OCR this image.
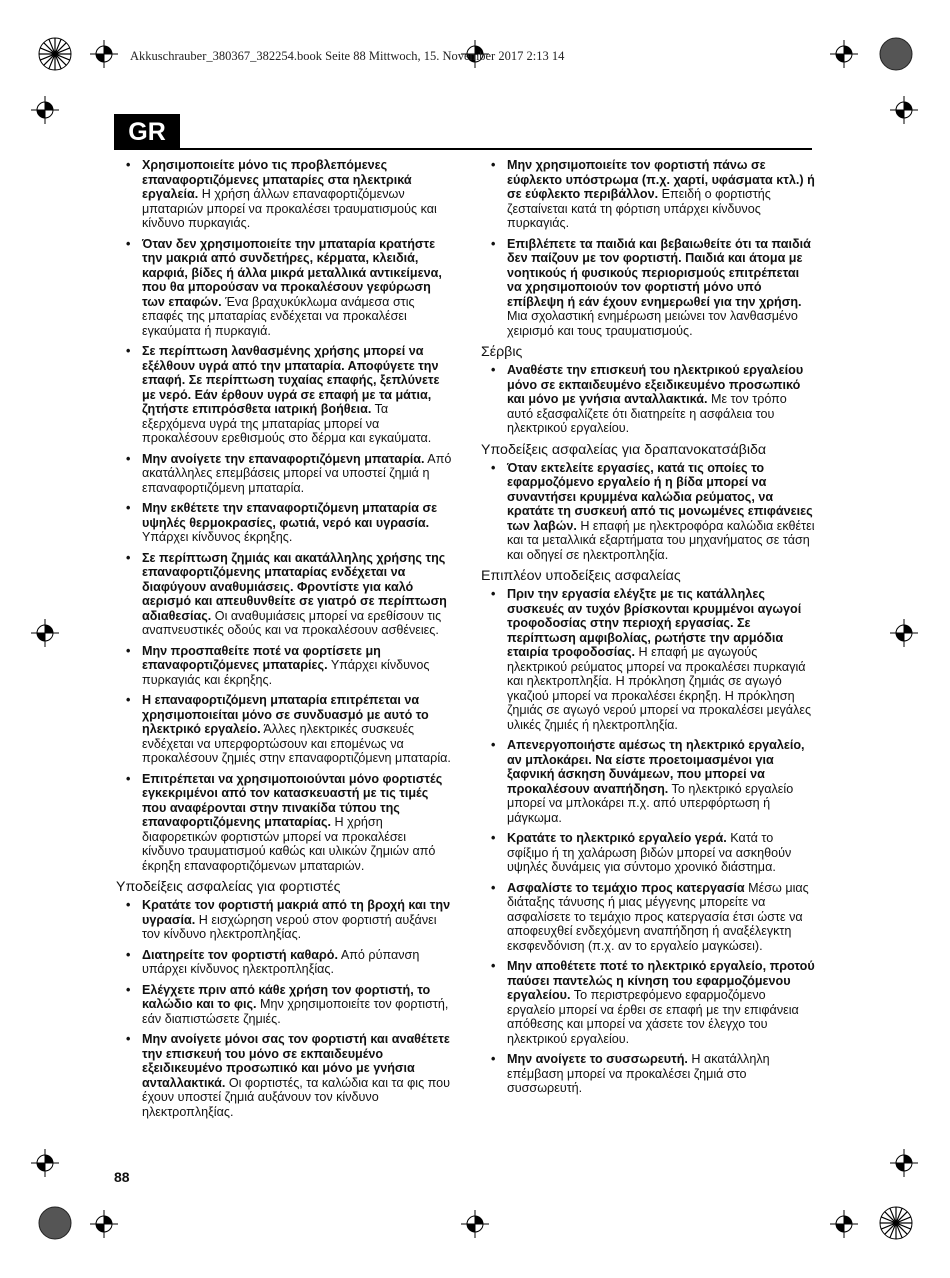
Akkuschrauber_380367_382254.book Seite 88 Mittwoch, 15. November 2017 2:13 14
GR
• Χρησιμοποιείτε μόνο τις προβλεπόμενες επαναφορτιζόμενες μπαταρίες στα ηλεκτρικά εργαλεία. Η χρήση άλλων επαναφορτιζόμενων μπαταριών μπορεί να προκαλέσει τραυματισμούς και κίνδυνο πυρκαγιάς.
• Όταν δεν χρησιμοποιείτε την μπαταρία κρατήστε την μακριά από συνδετήρες, κέρματα, κλειδιά, καρφιά, βίδες ή άλλα μικρά μεταλλικά αντικείμενα, που θα μπορούσαν να προκαλέσουν γεφύρωση των επαφών. Ένα βραχυκύκλωμα ανάμεσα στις επαφές της μπαταρίας ενδέχεται να προκαλέσει εγκαύματα ή πυρκαγιά.
• Σε περίπτωση λανθασμένης χρήσης μπορεί να εξέλθουν υγρά από την μπαταρία. Αποφύγετε την επαφή. Σε περίπτωση τυχαίας επαφής, ξεπλύνετε με νερό. Εάν έρθουν υγρά σε επαφή με τα μάτια, ζητήστε επιπρόσθετα ιατρική βοήθεια. Τα εξερχόμενα υγρά της μπαταρίας μπορεί να προκαλέσουν ερεθισμούς στο δέρμα και εγκαύματα.
• Μην ανοίγετε την επαναφορτιζόμενη μπαταρία. Από ακατάλληλες επεμβάσεις μπορεί να υποστεί ζημιά η επαναφορτιζόμενη μπαταρία.
• Μην εκθέτετε την επαναφορτιζόμενη μπαταρία σε υψηλές θερμοκρασίες, φωτιά, νερό και υγρασία. Υπάρχει κίνδυνος έκρηξης.
• Σε περίπτωση ζημιάς και ακατάλληλης χρήσης της επαναφορτιζόμενης μπαταρίας ενδέχεται να διαφύγουν αναθυμιάσεις. Φροντίστε για καλό αερισμό και απευθυνθείτε σε γιατρό σε περίπτωση αδιαθεσίας. Οι αναθυμιάσεις μπορεί να ερεθίσουν τις αναπνευστικές οδούς και να προκαλέσουν ασθένειες.
• Μην προσπαθείτε ποτέ να φορτίσετε μη επαναφορτιζόμενες μπαταρίες. Υπάρχει κίνδυνος πυρκαγιάς και έκρηξης.
• Η επαναφορτιζόμενη μπαταρία επιτρέπεται να χρησιμοποιείται μόνο σε συνδυασμό με αυτό το ηλεκτρικό εργαλείο. Άλλες ηλεκτρικές συσκευές ενδέχεται να υπερφορτώσουν και επομένως να προκαλέσουν ζημιές στην επαναφορτιζόμενη μπαταρία.
• Επιτρέπεται να χρησιμοποιούνται μόνο φορτιστές εγκεκριμένοι από τον κατασκευαστή με τις τιμές που αναφέρονται στην πινακίδα τύπου της επαναφορτιζόμενης μπαταρίας. Η χρήση διαφορετικών φορτιστών μπορεί να προκαλέσει κίνδυνο τραυματισμού καθώς και υλικών ζημιών από έκρηξη επαναφορτιζόμενων μπαταριών.
Υποδείξεις ασφαλείας για φορτιστές
• Κρατάτε τον φορτιστή μακριά από τη βροχή και την υγρασία. Η εισχώρηση νερού στον φορτιστή αυξάνει τον κίνδυνο ηλεκτροπληξίας.
• Διατηρείτε τον φορτιστή καθαρό. Από ρύπανση υπάρχει κίνδυνος ηλεκτροπληξίας.
• Ελέγχετε πριν από κάθε χρήση τον φορτιστή, το καλώδιο και το φις. Μην χρησιμοποιείτε τον φορτιστή, εάν διαπιστώσετε ζημιές.
• Μην ανοίγετε μόνοι σας τον φορτιστή και αναθέτετε την επισκευή του μόνο σε εκπαιδευμένο εξειδικευμένο προσωπικό και μόνο με γνήσια ανταλλακτικά. Οι φορτιστές, τα καλώδια και τα φις που έχουν υποστεί ζημιά αυξάνουν τον κίνδυνο ηλεκτροπληξίας.
• Μην χρησιμοποιείτε τον φορτιστή πάνω σε εύφλεκτο υπόστρωμα (π.χ. χαρτί, υφάσματα κτλ.) ή σε εύφλεκτο περιβάλλον. Επειδή ο φορτιστής ζεσταίνεται κατά τη φόρτιση υπάρχει κίνδυνος πυρκαγιάς.
• Επιβλέπετε τα παιδιά και βεβαιωθείτε ότι τα παιδιά δεν παίζουν με τον φορτιστή. Παιδιά και άτομα με νοητικούς ή φυσικούς περιορισμούς επιτρέπεται να χρησιμοποιούν τον φορτιστή μόνο υπό επίβλεψη ή εάν έχουν ενημερωθεί για την χρήση. Μια σχολαστική ενημέρωση μειώνει τον λανθασμένο χειρισμό και τους τραυματισμούς.
Σέρβις
• Αναθέστε την επισκευή του ηλεκτρικού εργαλείου μόνο σε εκπαιδευμένο εξειδικευμένο προσωπικό και μόνο με γνήσια ανταλλακτικά. Με τον τρόπο αυτό εξασφαλίζετε ότι διατηρείτε η ασφάλεια του ηλεκτρικού εργαλείου.
Υποδείξεις ασφαλείας για δραπανοκατσάβιδα
• Όταν εκτελείτε εργασίες, κατά τις οποίες το εφαρμοζόμενο εργαλείο ή η βίδα μπορεί να συναντήσει κρυμμένα καλώδια ρεύματος, να κρατάτε τη συσκευή από τις μονωμένες επιφάνειες των λαβών. Η επαφή με ηλεκτροφόρα καλώδια εκθέτει και τα μεταλλικά εξαρτήματα του μηχανήματος σε τάση και οδηγεί σε ηλεκτροπληξία.
Επιπλέον υποδείξεις ασφαλείας
• Πριν την εργασία ελέγξτε με τις κατάλληλες συσκευές αν τυχόν βρίσκονται κρυμμένοι αγωγοί τροφοδοσίας στην περιοχή εργασίας. Σε περίπτωση αμφιβολίας, ρωτήστε την αρμόδια εταιρία τροφοδοσίας. Η επαφή με αγωγούς ηλεκτρικού ρεύματος μπορεί να προκαλέσει πυρκαγιά και ηλεκτροπληξία. Η πρόκληση ζημιάς σε αγωγό γκαζιού μπορεί να προκαλέσει έκρηξη. Η πρόκληση ζημιάς σε αγωγό νερού μπορεί να προκαλέσει μεγάλες υλικές ζημιές ή ηλεκτροπληξία.
• Απενεργοποιήστε αμέσως τη ηλεκτρικό εργαλείο, αν μπλοκάρει. Να είστε προετοιμασμένοι για ξαφνική άσκηση δυνάμεων, που μπορεί να προκαλέσουν αναπήδηση. Το ηλεκτρικό εργαλείο μπορεί να μπλοκάρει π.χ. από υπερφόρτωση ή μάγκωμα.
• Κρατάτε το ηλεκτρικό εργαλείο γερά. Κατά το σφίξιμο ή τη χαλάρωση βιδών μπορεί να ασκηθούν υψηλές δυνάμεις για σύντομο χρονικό διάστημα.
• Ασφαλίστε το τεμάχιο προς κατεργασία Μέσω μιας διάταξης τάνυσης ή μιας μέγγενης μπορείτε να ασφαλίσετε το τεμάχιο προς κατεργασία έτσι ώστε να αποφευχθεί ενδεχόμενη αναπήδηση ή αναξέλεγκτη εκσφενδόνιση (π.χ. αν το εργαλείο μαγκώσει).
• Μην αποθέτετε ποτέ το ηλεκτρικό εργαλείο, προτού παύσει παντελώς η κίνηση του εφαρμοζόμενου εργαλείου. Το περιστρεφόμενο εφαρμοζόμενο εργαλείο μπορεί να έρθει σε επαφή με την επιφάνεια απόθεσης και μπορεί να χάσετε τον έλεγχο του ηλεκτρικού εργαλείου.
• Μην ανοίγετε το συσσωρευτή. Η ακατάλληλη επέμβαση μπορεί να προκαλέσει ζημιά στο συσσωρευτή.
88
